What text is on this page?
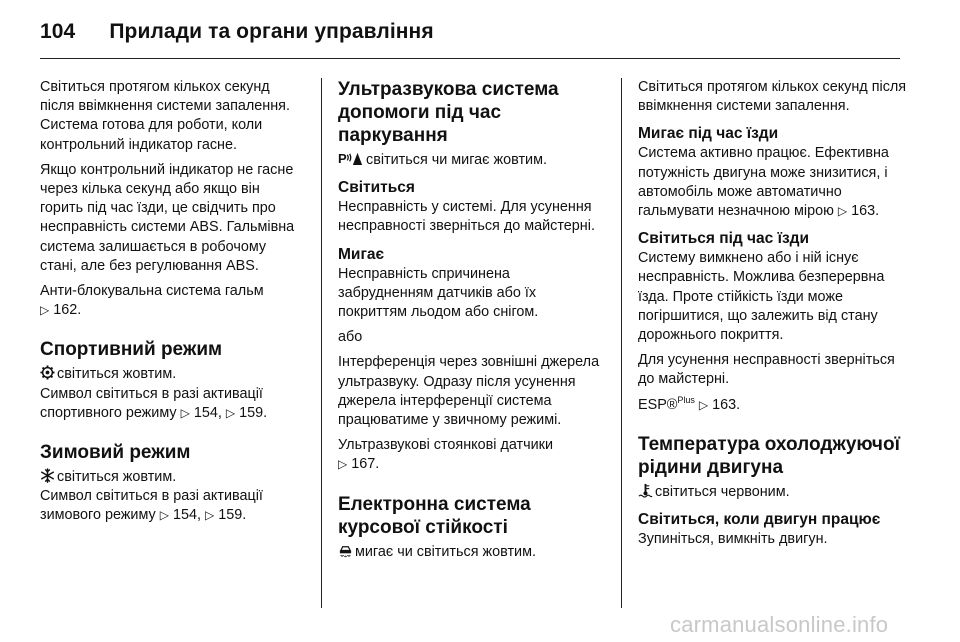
104 Прилади та органи управління

Світиться протягом кількох секунд після ввімкнення системи запалення. Система готова для роботи, коли контрольний індикатор гасне.

Якщо контрольний індикатор не гасне через кілька секунд або якщо він горить під час їзди, це свідчить про несправність системи ABS. Гальмівна система залишається в робочому стані, але без регулювання ABS.

Анти-блокувальна система гальм
▷ 162.

Спортивний режим

світиться жовтим.

Символ світиться в разі активації спортивного режиму ▷ 154, ▷ 159.

Зимовий режим

світиться жовтим.

Символ світиться в разі активації зимового режиму ▷ 154, ▷ 159.

Ультразвукова система допомоги під час паркування

P світиться чи мигає жовтим.

Світиться

Несправність у системі. Для усунення несправності зверніться до майстерні.

Мигає

Несправність спричинена забрудненням датчиків або їх покриттям льодом або снігом.

або

Інтерференція через зовнішні джерела ультразвуку. Одразу після усунення джерела інтерференції система працюватиме у звичному режимі.

Ультразвукові стоянкові датчики
▷ 167.

Електронна система курсової стійкості

мигає чи світиться жовтим.

Світиться протягом кількох секунд після ввімкнення системи запалення.

Мигає під час їзди

Система активно працює. Ефективна потужність двигуна може знизитися, і автомобіль може автоматично гальмувати незначною мірою ▷ 163.

Світиться під час їзди

Систему вимкнено або і ній існує несправність. Можлива безперервна їзда. Проте стійкість їзди може погіршитися, що залежить від стану дорожнього покриття.

Для усунення несправності зверніться до майстерні.

ESP®$^{Plus}$ ▷ 163.

Температура охолоджуючої рідини двигуна

світиться червоним.

Світиться, коли двигун працює

Зупиніться, вимкніть двигун.

carmanualsonline.info
